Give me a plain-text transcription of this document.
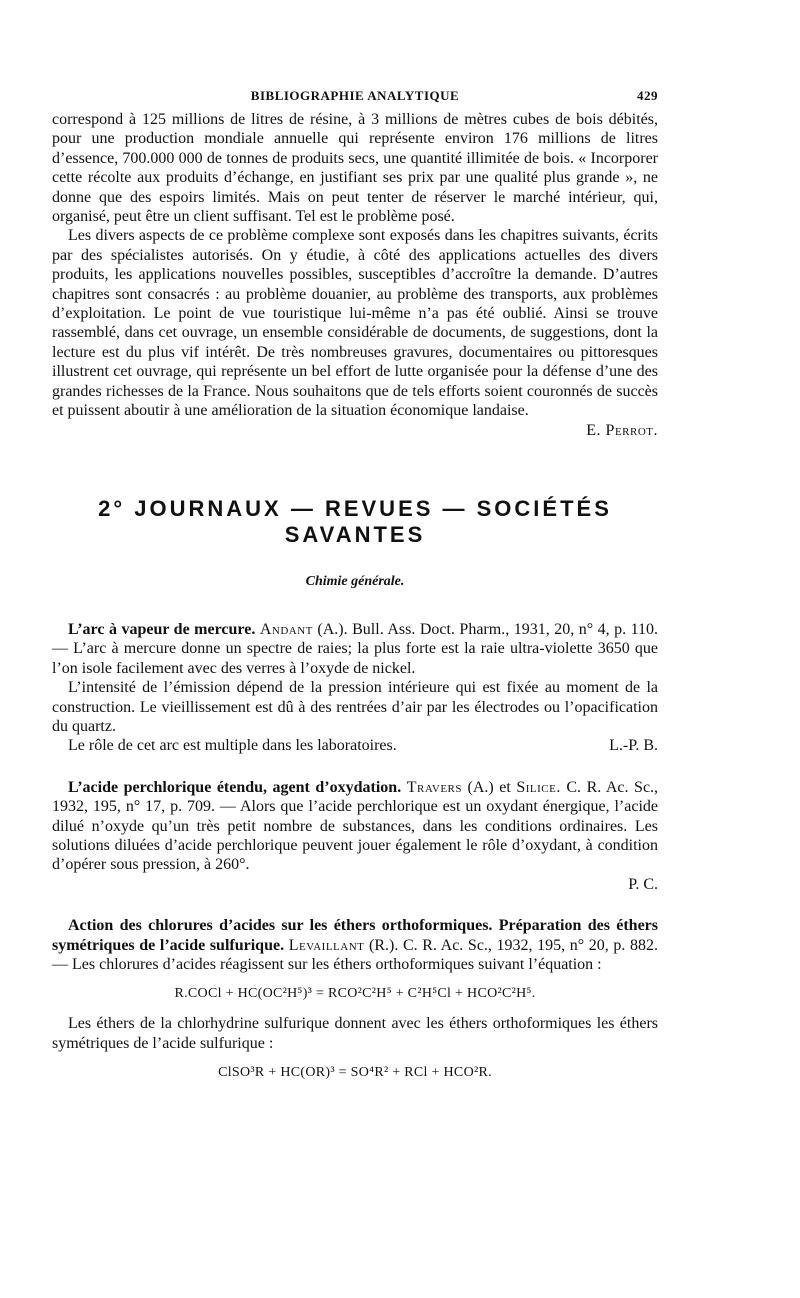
BIBLIOGRAPHIE ANALYTIQUE	429

correspond à 125 millions de litres de résine, à 3 millions de mètres cubes de bois débités, pour une production mondiale annuelle qui représente environ 176 millions de litres d’essence, 700.000 000 de tonnes de produits secs, une quantité illimitée de bois. « Incorporer cette récolte aux produits d’échange, en justifiant ses prix par une qualité plus grande », ne donne que des espoirs limités. Mais on peut tenter de réserver le marché intérieur, qui, organisé, peut être un client suffisant. Tel est le problème posé.

Les divers aspects de ce problème complexe sont exposés dans les chapitres suivants, écrits par des spécialistes autorisés. On y étudie, à côté des applications actuelles des divers produits, les applications nouvelles possibles, susceptibles d’accroître la demande. D’autres chapitres sont consacrés : au problème douanier, au problème des transports, aux problèmes d’exploitation. Le point de vue touristique lui-même n’a pas été oublié. Ainsi se trouve rassemblé, dans cet ouvrage, un ensemble considérable de documents, de suggestions, dont la lecture est du plus vif intérêt. De très nombreuses gravures, documentaires ou pittoresques illustrent cet ouvrage, qui représente un bel effort de lutte organisée pour la défense d’une des grandes richesses de la France. Nous souhaitons que de tels efforts soient couronnés de succès et puissent aboutir à une amélioration de la situation économique landaise.

E. Perrot.

2° JOURNAUX — REVUES — SOCIÉTÉS SAVANTES
Chimie générale.

L’arc à vapeur de mercure. Andant (A.). Bull. Ass. Doct. Pharm., 1931, 20, n° 4, p. 110. — L’arc à mercure donne un spectre de raies; la plus forte est la raie ultra-violette 3650 que l’on isole facilement avec des verres à l’oxyde de nickel.

L’intensité de l’émission dépend de la pression intérieure qui est fixée au moment de la construction. Le vieillissement est dû à des rentrées d’air par les électrodes ou l’opacification du quartz.

Le rôle de cet arc est multiple dans les laboratoires.	L.-P. B.

L’acide perchlorique étendu, agent d’oxydation. Travers (A.) et Silice. C. R. Ac. Sc., 1932, 195, n° 17, p. 709. — Alors que l’acide perchlorique est un oxydant énergique, l’acide dilué n’oxyde qu’un très petit nombre de substances, dans les conditions ordinaires. Les solutions diluées d’acide perchlorique peuvent jouer également le rôle d’oxydant, à condition d’opérer sous pression, à 260°.

P. C.

Action des chlorures d’acides sur les éthers orthoformiques. Préparation des éthers symétriques de l’acide sulfurique. Levaillant (R.). C. R. Ac. Sc., 1932, 195, n° 20, p. 882. — Les chlorures d’acides réagissent sur les éthers orthoformiques suivant l’équation :

R.COCl + HC(OC²H⁵)³ = RCO²C²H⁵ + C²H⁵Cl + HCO²C²H⁵.

Les éthers de la chlorhydrine sulfurique donnent avec les éthers orthoformiques les éthers symétriques de l’acide sulfurique :

ClSO³R + HC(OR)³ = SO⁴R² + RCl + HCO²R.
